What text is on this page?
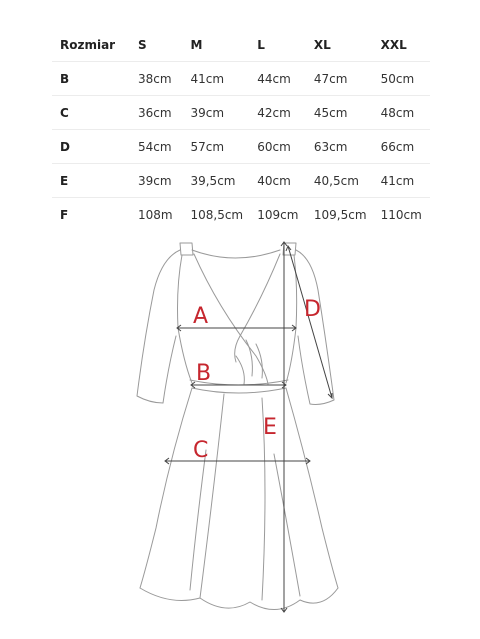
Rozmiar	S	M	L	XL	XXL
B	38cm	41cm	44cm	47cm	50cm
C	36cm	39cm	42cm	45cm	48cm
D	54cm	57cm	60cm	63cm	66cm
E	39cm	39,5cm	40cm	40,5cm	41cm
F	108m	108,5cm	109cm	109,5cm	110cm
A
B
C
D
E
